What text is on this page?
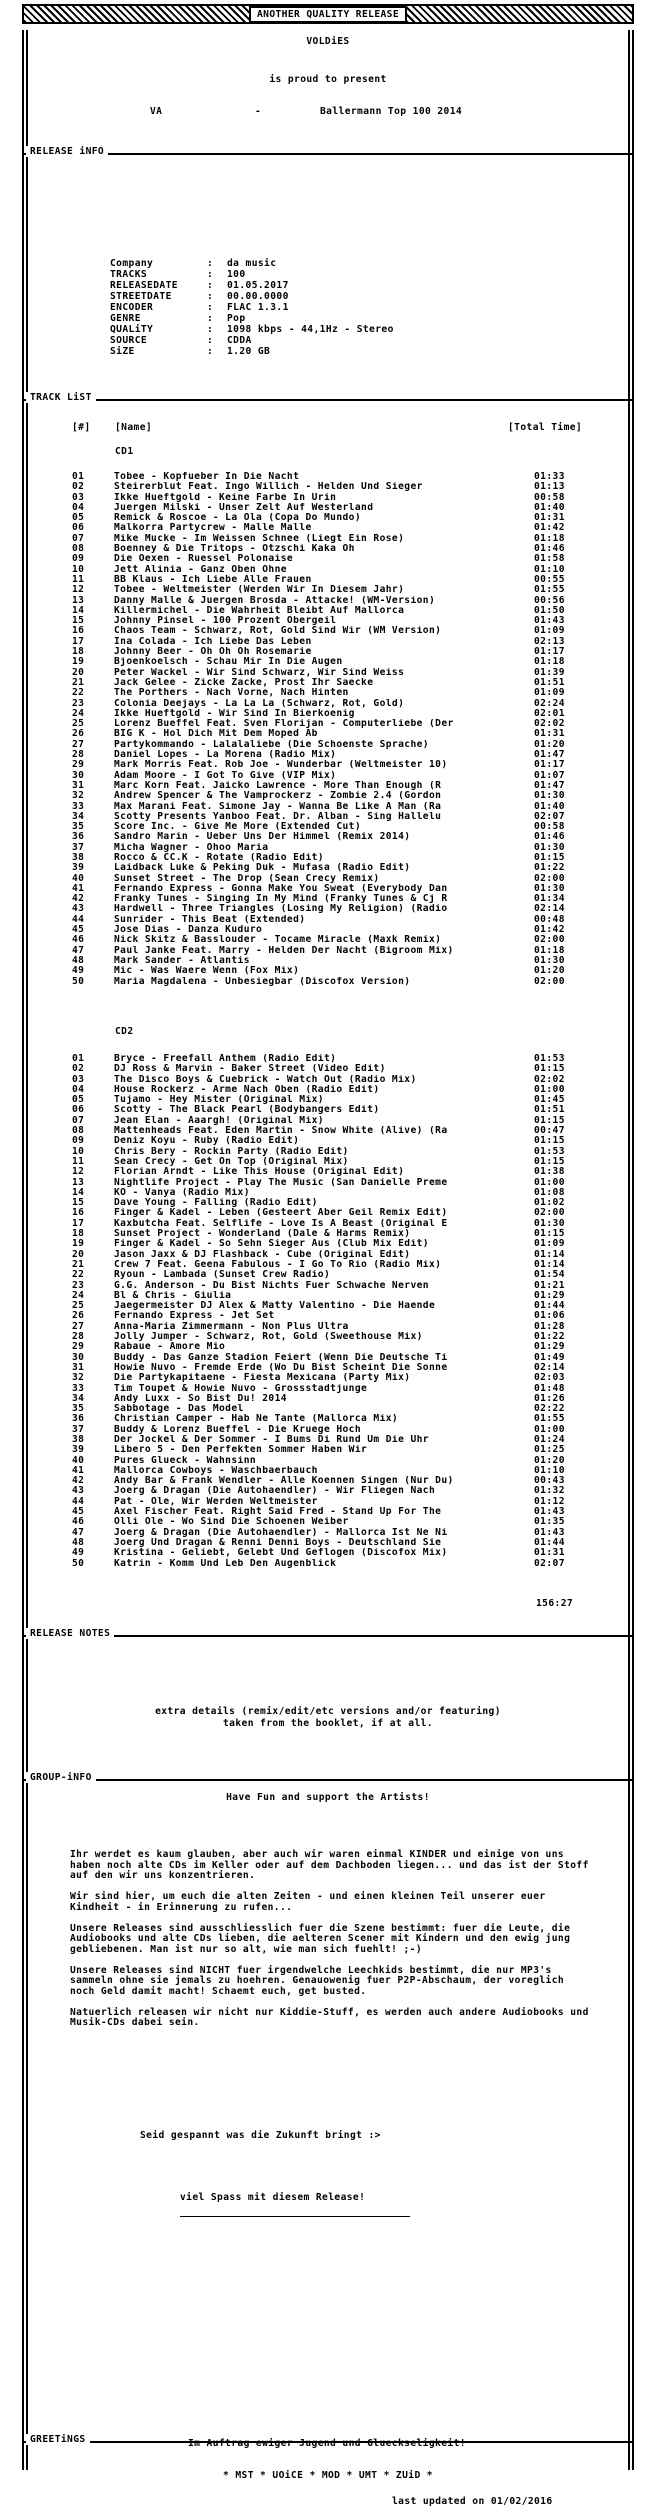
ANOTHER QUALITY RELEASE
VOLDiES
is proud to present
VA	-	Ballermann Top 100 2014
RELEASE iNFO
Company	:	da music
TRACKS	:	100
RELEASEDATE	:	01.05.2017
STREETDATE	:	00.00.0000
ENCODER	:	FLAC 1.3.1
GENRE	:	Pop
QUALiTY	:	1098 kbps - 44,1Hz - Stereo
SOURCE	:	CDDA
SiZE	:	1.20 GB
TRACK LiST
[#]	[Name]	[Total Time]
CD1
01	Tobee - Kopfueber In Die Nacht	01:33
02	Steirerblut Feat. Ingo Willich - Helden Und Sieger	01:13
03	Ikke Hueftgold - Keine Farbe In Urin	00:58
04	Juergen Milski - Unser Zelt Auf Westerland	01:40
05	Remick & Roscoe - La Ola (Copa Do Mundo)	01:31
06	Malkorra Partycrew - Malle Malle	01:42
07	Mike Mucke - Im Weissen Schnee (Liegt Ein Rose)	01:18
08	Boenney & Die Tritops - Otzschi Kaka Oh	01:46
09	Die Oexen - Ruessel Polonaise	01:58
10	Jett Alinia - Ganz Oben Ohne	01:10
11	BB Klaus - Ich Liebe Alle Frauen	00:55
12	Tobee - Weltmeister (Werden Wir In Diesem Jahr)	01:55
13	Danny Malle & Juergen Brosda - Attacke! (WM-Version)	00:56
14	Killermichel - Die Wahrheit Bleibt Auf Mallorca	01:50
15	Johnny Pinsel - 100 Prozent Obergeil	01:43
16	Chaos Team - Schwarz, Rot, Gold Sind Wir (WM Version)	01:09
17	Ina Colada - Ich Liebe Das Leben	02:13
18	Johnny Beer - Oh Oh Oh Rosemarie	01:17
19	Bjoenkoelsch - Schau Mir In Die Augen	01:18
20	Peter Wackel - Wir Sind Schwarz, Wir Sind Weiss	01:39
21	Jack Gelee - Zicke Zacke, Prost Ihr Saecke	01:51
22	The Porthers - Nach Vorne, Nach Hinten	01:09
23	Colonia Deejays - La La La (Schwarz, Rot, Gold)	02:24
24	Ikke Hueftgold - Wir Sind In Bierkoenig	02:01
25	Lorenz Bueffel Feat. Sven Florijan - Computerliebe (Der	02:02
26	BIG K - Hol Dich Mit Dem Moped Ab	01:31
27	Partykommando - Lalalaliebe (Die Schoenste Sprache)	01:20
28	Daniel Lopes - La Morena (Radio Mix)	01:47
29	Mark Morris Feat. Rob Joe - Wunderbar (Weltmeister 10)	01:17
30	Adam Moore - I Got To Give (VIP Mix)	01:07
31	Marc Korn Feat. Jaicko Lawrence - More Than Enough (R	01:47
32	Andrew Spencer & The Vamprockerz - Zombie 2.4 (Gordon	01:30
33	Max Marani Feat. Simone Jay - Wanna Be Like A Man (Ra	01:40
34	Scotty Presents Yanboo Feat. Dr. Alban - Sing Hallelu	02:07
35	Score Inc. - Give Me More (Extended Cut)	00:58
36	Sandro Marin - Ueber Uns Der Himmel (Remix 2014)	01:46
37	Micha Wagner - Ohoo Maria	01:30
38	Rocco & CC.K - Rotate (Radio Edit)	01:15
39	Laidback Luke & Peking Duk - Mufasa (Radio Edit)	01:22
40	Sunset Street - The Drop (Sean Crecy Remix)	02:00
41	Fernando Express - Gonna Make You Sweat (Everybody Dan	01:30
42	Franky Tunes - Singing In My Mind (Franky Tunes & Cj R	01:34
43	Hardwell - Three Triangles (Losing My Religion) (Radio	02:14
44	Sunrider - This Beat (Extended)	00:48
45	Jose Dias - Danza Kuduro	01:42
46	Nick Skitz & Basslouder - Tocame Miracle (Maxk Remix)	02:00
47	Paul Janke Feat. Marry - Helden Der Nacht (Bigroom Mix)	01:18
48	Mark Sander - Atlantis	01:30
49	Mic - Was Waere Wenn (Fox Mix)	01:20
50	Maria Magdalena - Unbesiegbar (Discofox Version)	02:00
CD2
01	Bryce - Freefall Anthem (Radio Edit)	01:53
02	DJ Ross & Marvin - Baker Street (Video Edit)	01:15
03	The Disco Boys & Cuebrick - Watch Out (Radio Mix)	02:02
04	House Rockerz - Arme Nach Oben (Radio Edit)	01:00
05	Tujamo - Hey Mister (Original Mix)	01:45
06	Scotty - The Black Pearl (Bodybangers Edit)	01:51
07	Jean Elan - Aaargh! (Original Mix)	01:15
08	Mattenheads Feat. Eden Martin - Snow White (Alive) (Ra	00:47
09	Deniz Koyu - Ruby (Radio Edit)	01:15
10	Chris Bery - Rockin Party (Radio Edit)	01:53
11	Sean Crecy - Get On Top (Original Mix)	01:15
12	Florian Arndt - Like This House (Original Edit)	01:38
13	Nightlife Project - Play The Music (San Danielle Preme	01:00
14	KO - Vanya (Radio Mix)	01:08
15	Dave Young - Falling (Radio Edit)	01:02
16	Finger & Kadel - Leben (Gesteert Aber Geil Remix Edit)	02:00
17	Kaxbutcha Feat. Selflife - Love Is A Beast (Original E	01:30
18	Sunset Project - Wonderland (Dale & Harms Remix)	01:15
19	Finger & Kadel - So Sehn Sieger Aus (Club Mix Edit)	01:09
20	Jason Jaxx & DJ Flashback - Cube (Original Edit)	01:14
21	Crew 7 Feat. Geena Fabulous - I Go To Rio (Radio Mix)	01:14
22	Ryoun - Lambada (Sunset Crew Radio)	01:54
23	G.G. Anderson - Du Bist Nichts Fuer Schwache Nerven	01:21
24	Bl & Chris - Giulia	01:29
25	Jaegermeister DJ Alex & Matty Valentino - Die Haende	01:44
26	Fernando Express - Jet Set	01:06
27	Anna-Maria Zimmermann - Non Plus Ultra	01:28
28	Jolly Jumper - Schwarz, Rot, Gold (Sweethouse Mix)	01:22
29	Rabaue - Amore Mio	01:29
30	Buddy - Das Ganze Stadion Feiert (Wenn Die Deutsche Ti	01:49
31	Howie Nuvo - Fremde Erde (Wo Du Bist Scheint Die Sonne	02:14
32	Die Partykapitaene - Fiesta Mexicana (Party Mix)	02:03
33	Tim Toupet & Howie Nuvo - Grossstadtjunge	01:48
34	Andy Luxx - So Bist Du! 2014	01:26
35	Sabbotage - Das Model	02:22
36	Christian Camper - Hab Ne Tante (Mallorca Mix)	01:55
37	Buddy & Lorenz Bueffel - Die Kruege Hoch	01:00
38	Der Jockel & Der Sommer - I Bums Di Rund Um Die Uhr	01:24
39	Libero 5 - Den Perfekten Sommer Haben Wir	01:25
40	Pures Glueck - Wahnsinn	01:20
41	Mallorca Cowboys - Waschbaerbauch	01:10
42	Andy Bar & Frank Wendler - Alle Koennen Singen (Nur Du)	00:43
43	Joerg & Dragan (Die Autohaendler) - Wir Fliegen Nach	01:32
44	Pat - Ole, Wir Werden Weltmeister	01:12
45	Axel Fischer Feat. Right Said Fred - Stand Up For The	01:43
46	Olli Ole - Wo Sind Die Schoenen Weiber	01:35
47	Joerg & Dragan (Die Autohaendler) - Mallorca Ist Ne Ni	01:43
48	Joerg Und Dragan & Renni Denni Boys - Deutschland Sie	01:44
49	Kristina - Geliebt, Gelebt Und Geflogen (Discofox Mix)	01:31
50	Katrin - Komm Und Leb Den Augenblick	02:07
156:27
RELEASE NOTES
extra details (remix/edit/etc versions and/or featuring)
taken from the booklet, if at all.
GROUP-iNFO
Have Fun and support the Artists!

Ihr werdet es kaum glauben, aber auch wir waren einmal KINDER und einige von uns haben noch alte CDs im Keller oder auf dem Dachboden liegen... und das ist der Stoff auf den wir uns konzentrieren.

Wir sind hier, um euch die alten Zeiten - und einen kleinen Teil unserer euer Kindheit - in Erinnerung zu rufen...

Unsere Releases sind ausschliesslich fuer die Szene bestimmt: fuer die Leute, die Audiobooks und alte CDs lieben, die aelteren Scener mit Kindern und den ewig jung gebliebenen. Man ist nur so alt, wie man sich fuehlt! ;-)

Unsere Releases sind NICHT fuer irgendwelche Leechkids bestimmt, die nur MP3's sammeln ohne sie jemals zu hoehren. Genauowenig fuer P2P-Abschaum, der voreglich noch Geld damit macht! Schaemt euch, get busted.

Natuerlich releasen wir nicht nur Kiddie-Stuff, es werden auch andere Audiobooks und Musik-CDs dabei sein.

Seid gespannt was die Zukunft bringt :>
viel Spass mit diesem Release!
GREETiNGS	Im Auftrag ewiger Jugend und Glueckseligkeit!
* MST * UOiCE * MOD * UMT * ZUiD *
last updated on 01/02/2016
